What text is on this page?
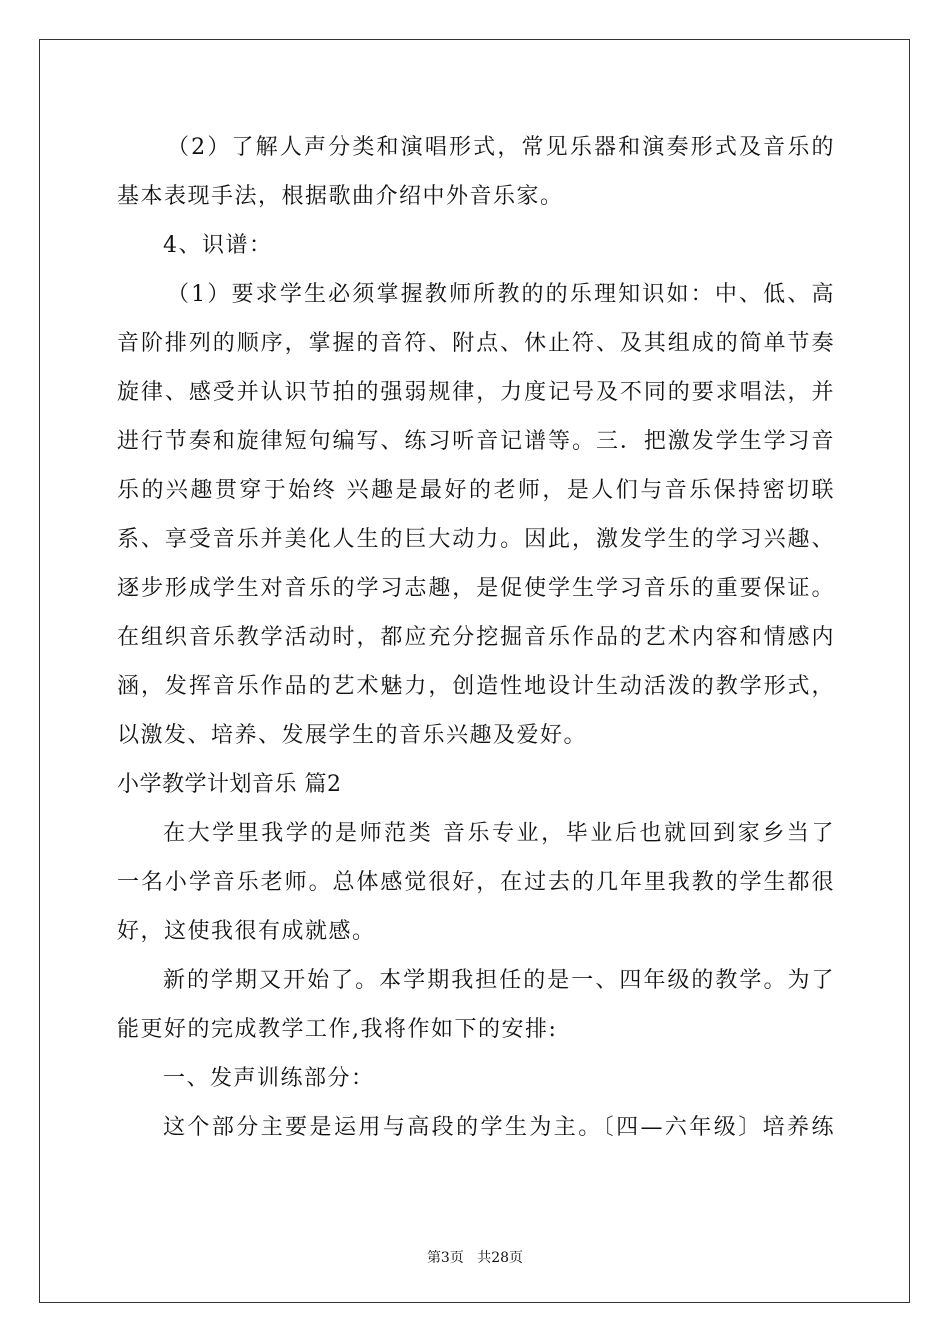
（2）了解人声分类和演唱形式，常见乐器和演奏形式及音乐的
基本表现手法，根据歌曲介绍中外音乐家。
4、识谱：
（1）要求学生必须掌握教师所教的的乐理知识如：中、低、高
音阶排列的顺序，掌握的音符、附点、休止符、及其组成的简单节奏
旋律、感受并认识节拍的强弱规律，力度记号及不同的要求唱法，并
进行节奏和旋律短句编写、练习听音记谱等。三．把激发学生学习音
乐的兴趣贯穿于始终 兴趣是最好的老师，是人们与音乐保持密切联
系、享受音乐并美化人生的巨大动力。因此，激发学生的学习兴趣、
逐步形成学生对音乐的学习志趣，是促使学生学习音乐的重要保证。
在组织音乐教学活动时，都应充分挖掘音乐作品的艺术内容和情感内
涵，发挥音乐作品的艺术魅力，创造性地设计生动活泼的教学形式，
以激发、培养、发展学生的音乐兴趣及爱好。
小学教学计划音乐 篇2
在大学里我学的是师范类 音乐专业，毕业后也就回到家乡当了
一名小学音乐老师。总体感觉很好，在过去的几年里我教的学生都很
好，这使我很有成就感。
新的学期又开始了。本学期我担任的是一、四年级的教学。为了
能更好的完成教学工作,我将作如下的安排:
一、发声训练部分：
这个部分主要是运用与高段的学生为主。〔四—六年级〕培养练
第3页 共28页
